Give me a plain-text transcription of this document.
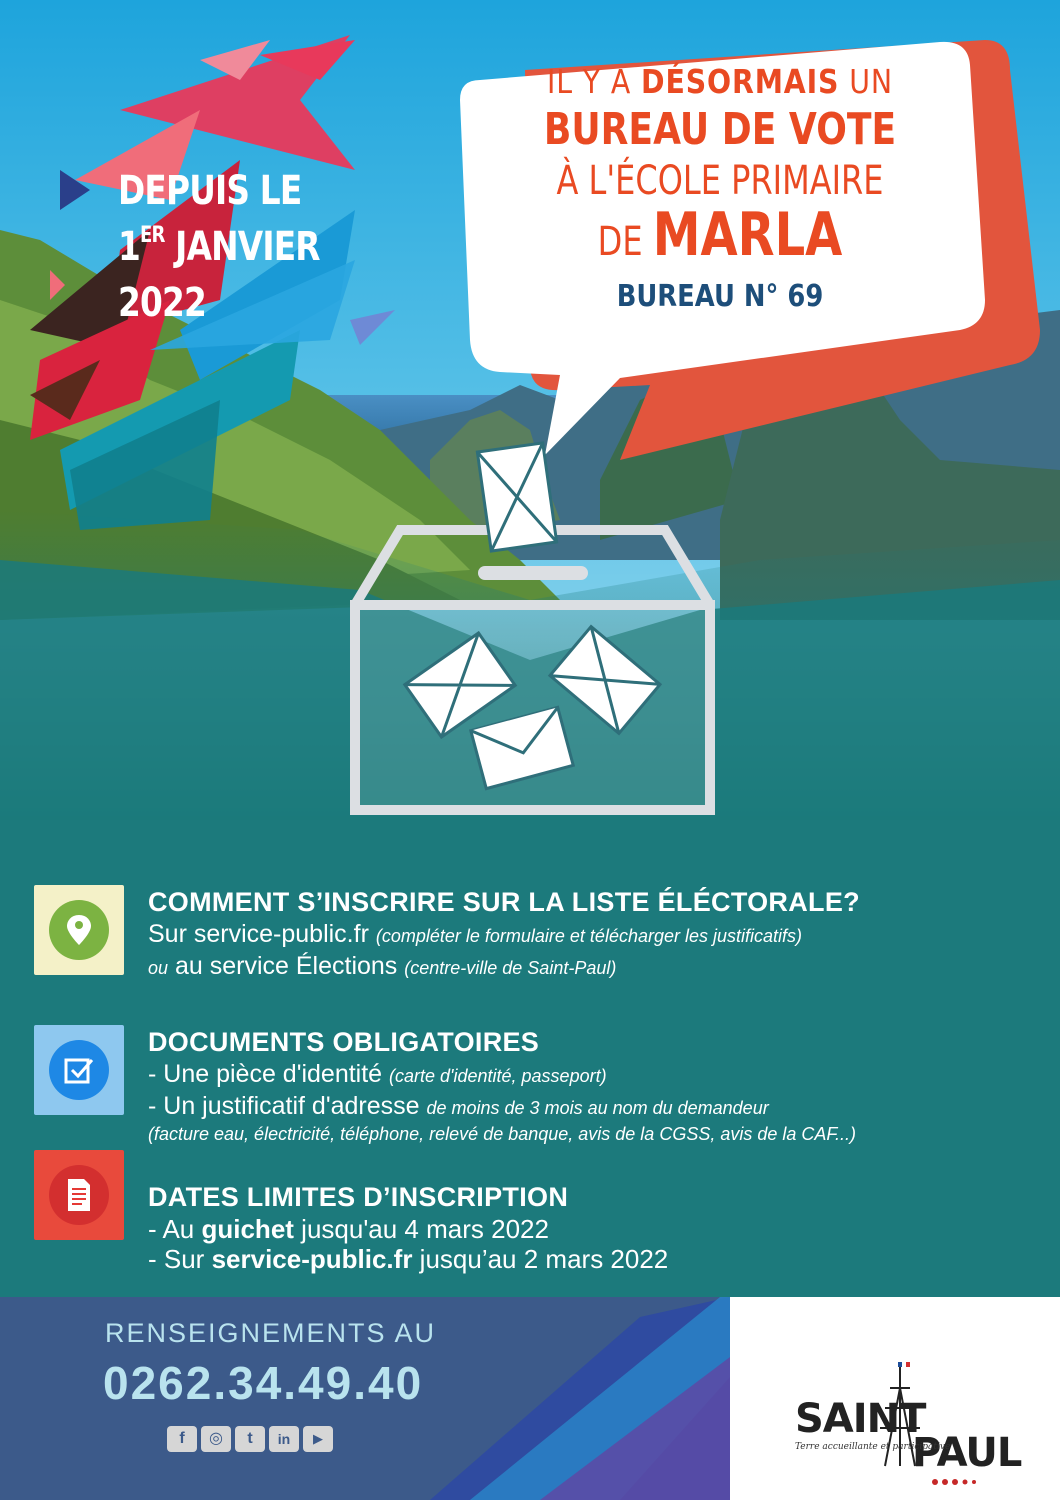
DEPUIS LE
1ER JANVIER
2022
IL Y A DÉSORMAIS UN
BUREAU DE VOTE
À L'ÉCOLE PRIMAIRE
DE MARLA
BUREAU N° 69
COMMENT S’INSCRIRE SUR LA LISTE ÉLÉCTORALE?
Sur service-public.fr (compléter le formulaire et télécharger les justificatifs)
ou au service Élections (centre-ville de Saint-Paul)
DOCUMENTS OBLIGATOIRES
- Une pièce d'identité (carte d'identité, passeport)
- Un justificatif d'adresse de moins de 3 mois au nom du demandeur
(facture eau, électricité, téléphone, relevé de banque, avis de la CGSS, avis de la CAF...)
DATES LIMITES D’INSCRIPTION
- Au guichet jusqu'au 4 mars 2022
- Sur service-public.fr jusqu’au 2 mars 2022
RENSEIGNEMENTS AU
0262.34.49.40
f	◎	t	in	▶	SAINT
PAUL
Terre accueillante et participative
